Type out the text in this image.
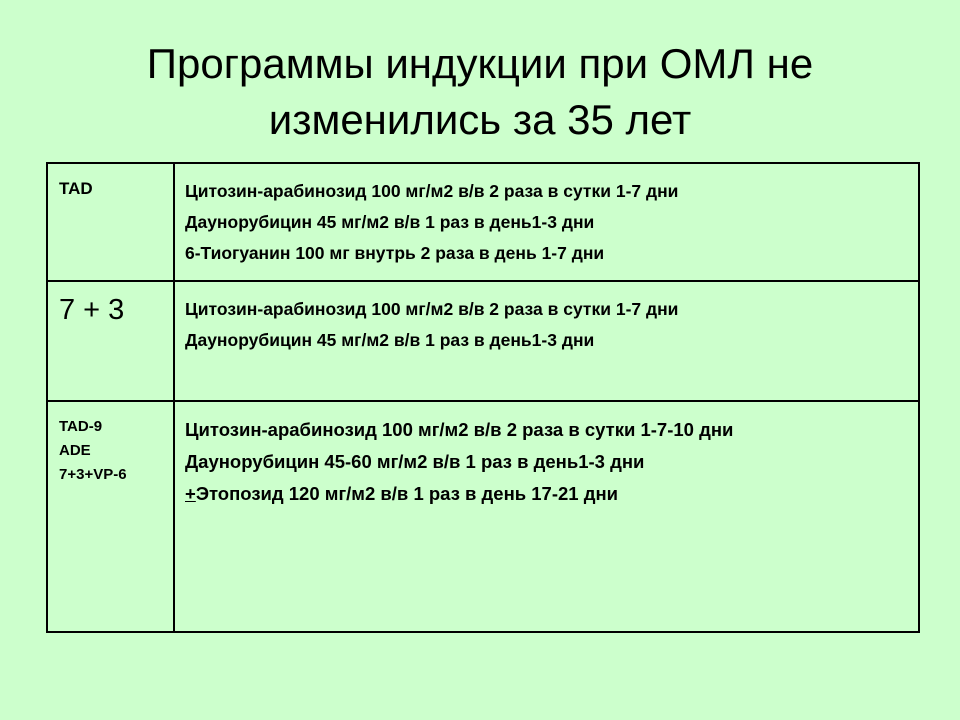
Программы индукции при ОМЛ не
изменились за 35 лет
TAD	Цитозин-арабинозид 100 мг/м2 в/в 2 раза в сутки 1-7 дни
Даунорубицин 45 мг/м2 в/в 1 раз в день1-3 дни
6-Тиогуанин 100 мг внутрь 2 раза в день 1-7 дни

7 + 3	Цитозин-арабинозид 100 мг/м2 в/в 2 раза в сутки 1-7 дни
Даунорубицин 45 мг/м2 в/в 1 раз в день1-3 дни

TAD-9
ADE
7+3+VP-6	Цитозин-арабинозид 100 мг/м2 в/в 2 раза в сутки 1-7-10 дни
Даунорубицин 45-60 мг/м2 в/в 1 раз в день1-3 дни
+Этопозид 120 мг/м2 в/в 1 раз в день 17-21 дни
